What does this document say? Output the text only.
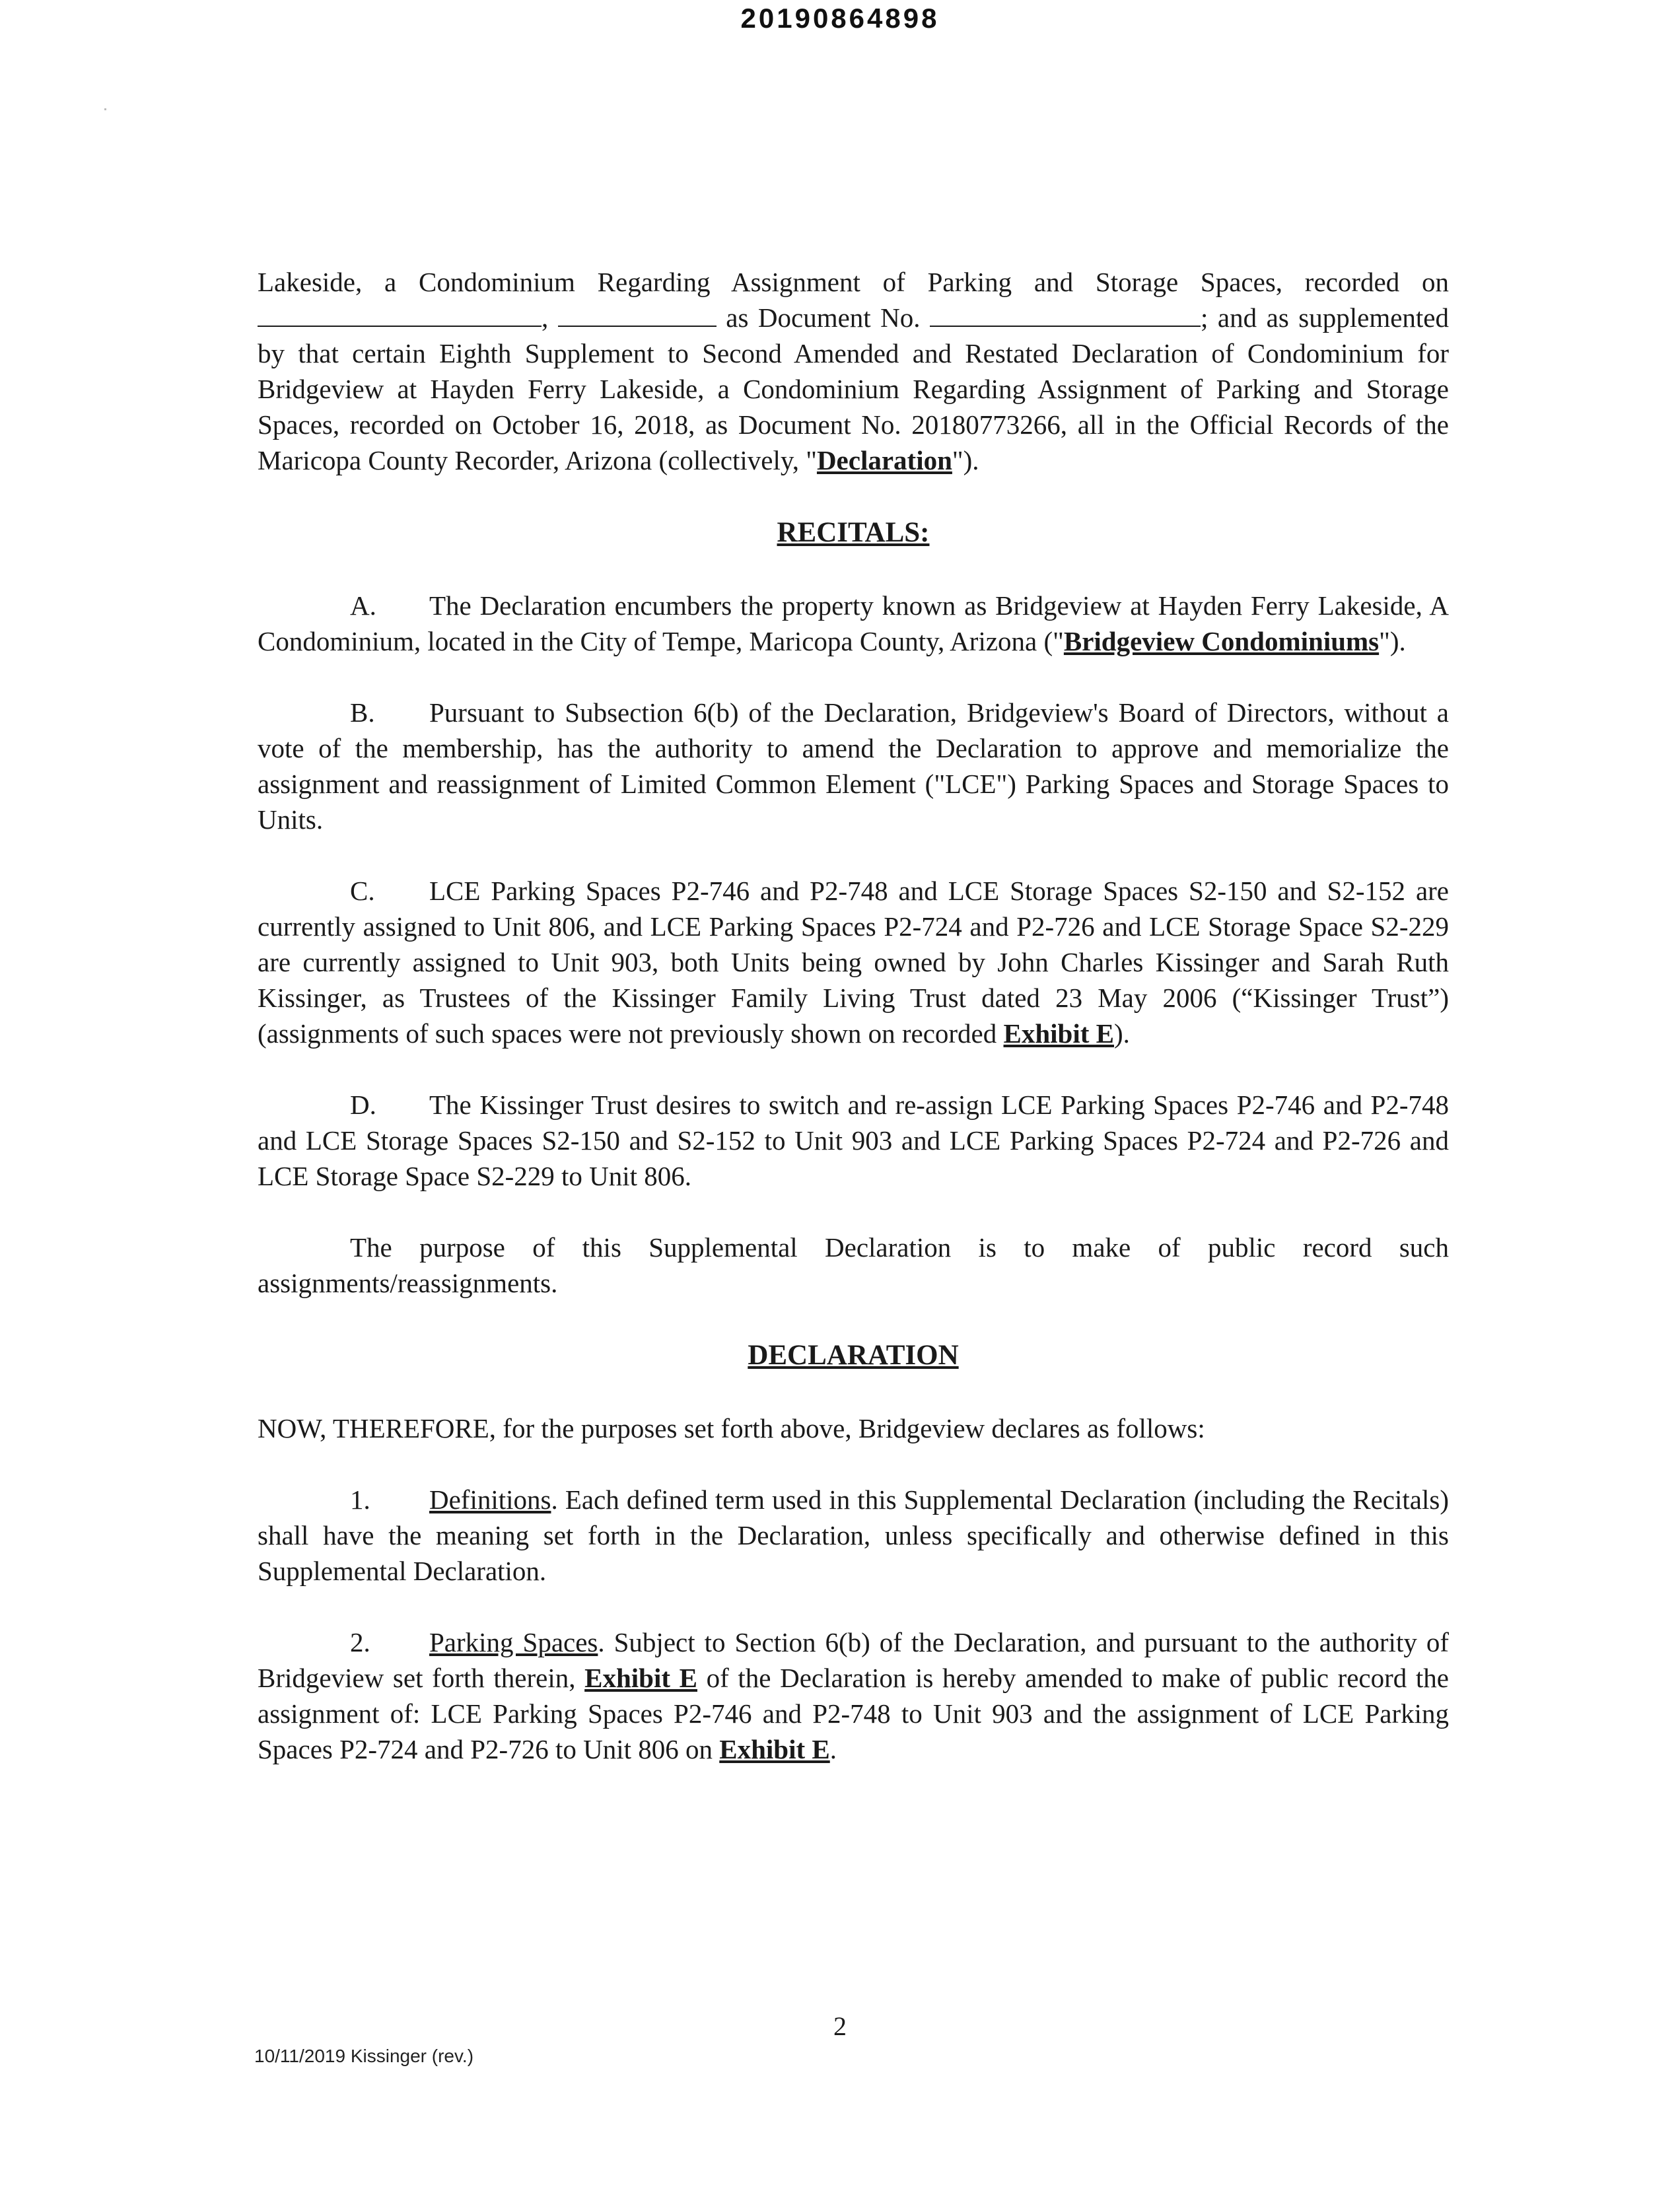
20190864898

Lakeside, a Condominium Regarding Assignment of Parking and Storage Spaces, recorded on ,	as Document No.	; and as supplemented by that certain Eighth Supplement to Second Amended and Restated Declaration of Condominium for Bridgeview at Hayden Ferry Lakeside, a Condominium Regarding Assignment of Parking and Storage Spaces, recorded on October 16, 2018, as Document No. 20180773266, all in the Official Records of the Maricopa County Recorder, Arizona (collectively, "Declaration").

RECITALS:

A. The Declaration encumbers the property known as Bridgeview at Hayden Ferry Lakeside, A Condominium, located in the City of Tempe, Maricopa County, Arizona ("Bridgeview Condominiums").

B. Pursuant to Subsection 6(b) of the Declaration, Bridgeview's Board of Directors, without a vote of the membership, has the authority to amend the Declaration to approve and memorialize the assignment and reassignment of Limited Common Element ("LCE") Parking Spaces and Storage Spaces to Units.

C. LCE Parking Spaces P2-746 and P2-748 and LCE Storage Spaces S2-150 and S2-152 are currently assigned to Unit 806, and LCE Parking Spaces P2-724 and P2-726 and LCE Storage Space S2-229 are currently assigned to Unit 903, both Units being owned by John Charles Kissinger and Sarah Ruth Kissinger, as Trustees of the Kissinger Family Living Trust dated 23 May 2006 (“Kissinger Trust”) (assignments of such spaces were not previously shown on recorded Exhibit E).

D. The Kissinger Trust desires to switch and re-assign LCE Parking Spaces P2-746 and P2-748 and LCE Storage Spaces S2-150 and S2-152 to Unit 903 and LCE Parking Spaces P2-724 and P2-726 and LCE Storage Space S2-229 to Unit 806.

The purpose of this Supplemental Declaration is to make of public record such assignments/reassignments.

DECLARATION

NOW, THEREFORE, for the purposes set forth above, Bridgeview declares as follows:

1. Definitions. Each defined term used in this Supplemental Declaration (including the Recitals) shall have the meaning set forth in the Declaration, unless specifically and otherwise defined in this Supplemental Declaration.

2. Parking Spaces. Subject to Section 6(b) of the Declaration, and pursuant to the authority of Bridgeview set forth therein, Exhibit E of the Declaration is hereby amended to make of public record the assignment of: LCE Parking Spaces P2-746 and P2-748 to Unit 903 and the assignment of LCE Parking Spaces P2-724 and P2-726 to Unit 806 on Exhibit E.

2
10/11/2019 Kissinger (rev.)
